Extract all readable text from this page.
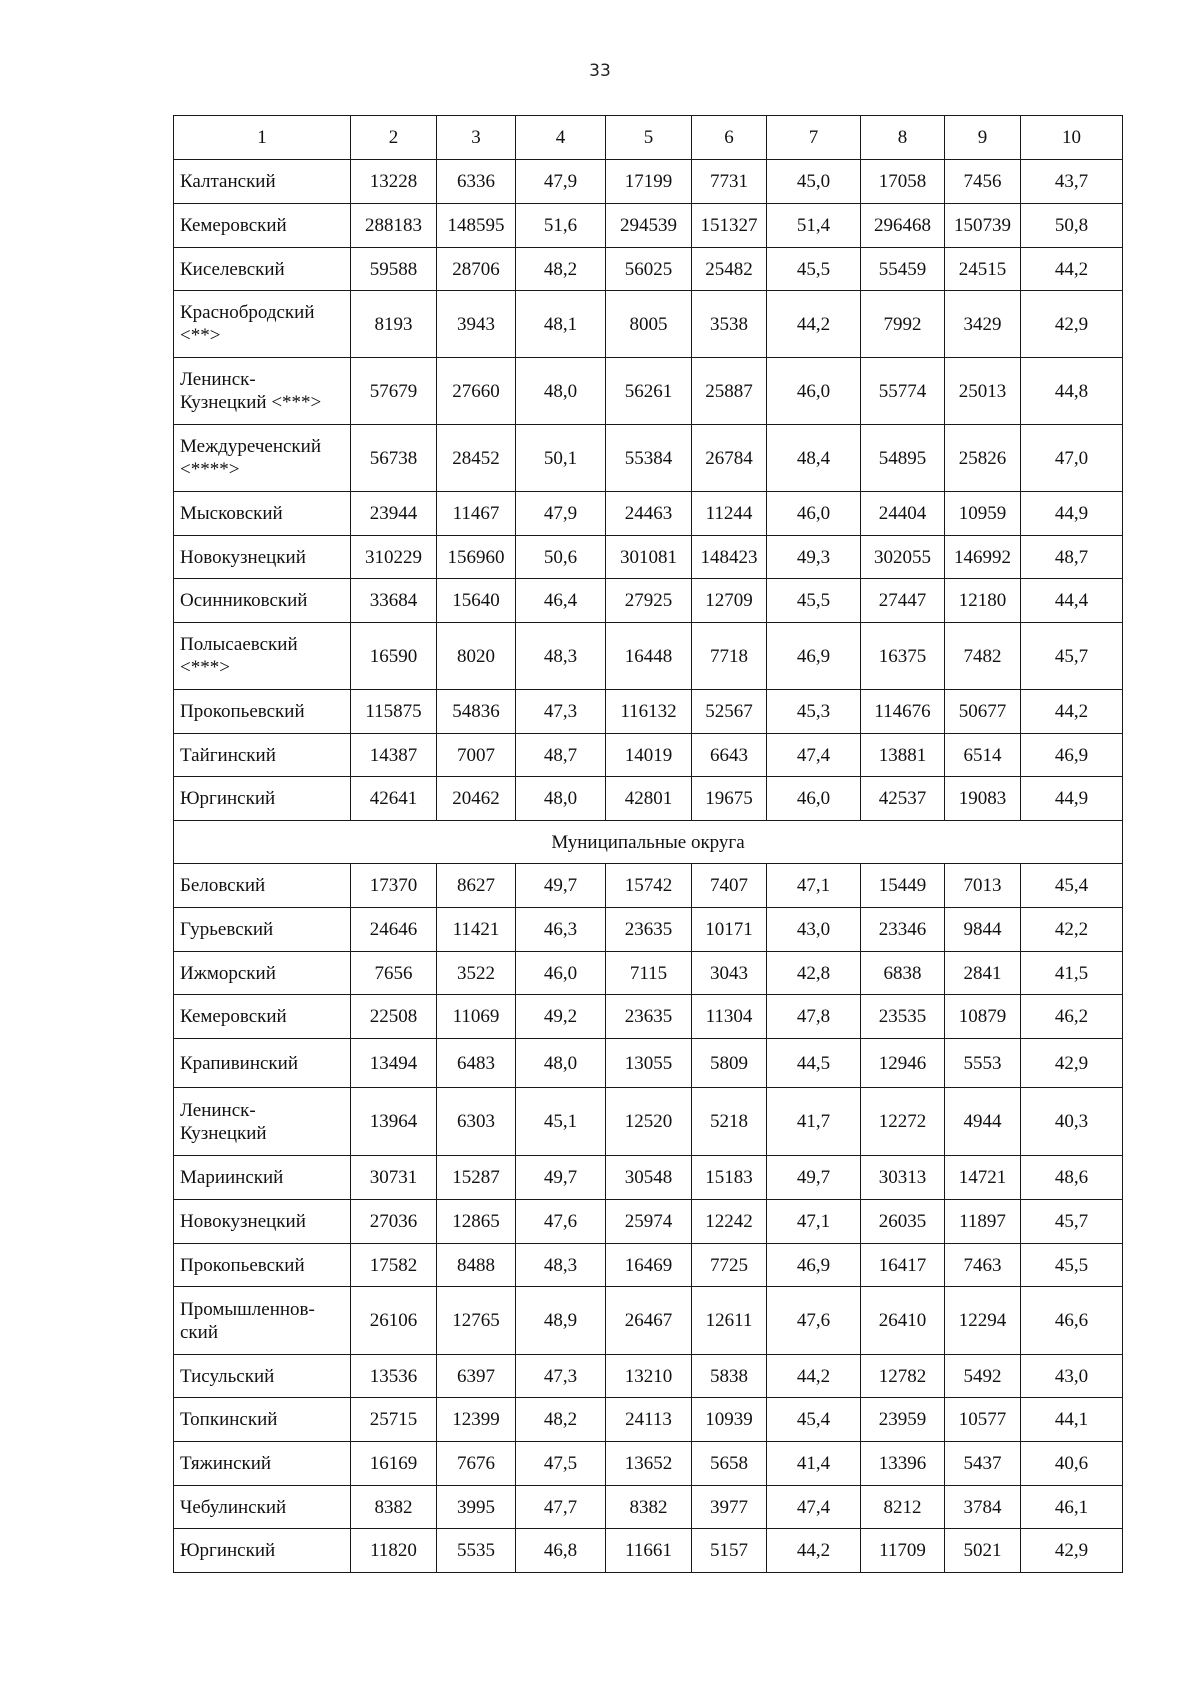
33
1	2	3	4	5	6	7	8	9	10

Калтанский	13228	6336	47,9	17199	7731	45,0	17058	7456	43,7

Кемеровский	288183	148595	51,6	294539	151327	51,4	296468	150739	50,8

Киселевский	59588	28706	48,2	56025	25482	45,5	55459	24515	44,2

Краснобродский
<**>	8193	3943	48,1	8005	3538	44,2	7992	3429	42,9

Ленинск-
Кузнецкий <***>	57679	27660	48,0	56261	25887	46,0	55774	25013	44,8

Междуреченский
<****>	56738	28452	50,1	55384	26784	48,4	54895	25826	47,0

Мысковский	23944	11467	47,9	24463	11244	46,0	24404	10959	44,9

Новокузнецкий	310229	156960	50,6	301081	148423	49,3	302055	146992	48,7

Осинниковский	33684	15640	46,4	27925	12709	45,5	27447	12180	44,4

Полысаевский
<***>	16590	8020	48,3	16448	7718	46,9	16375	7482	45,7

Прокопьевский	115875	54836	47,3	116132	52567	45,3	114676	50677	44,2

Тайгинский	14387	7007	48,7	14019	6643	47,4	13881	6514	46,9

Юргинский	42641	20462	48,0	42801	19675	46,0	42537	19083	44,9
Муниципальные округа									

Беловский	17370	8627	49,7	15742	7407	47,1	15449	7013	45,4

Гурьевский	24646	11421	46,3	23635	10171	43,0	23346	9844	42,2

Ижморский	7656	3522	46,0	7115	3043	42,8	6838	2841	41,5

Кемеровский	22508	11069	49,2	23635	11304	47,8	23535	10879	46,2

Крапивинский	13494	6483	48,0	13055	5809	44,5	12946	5553	42,9

Ленинск-
Кузнецкий	13964	6303	45,1	12520	5218	41,7	12272	4944	40,3

Мариинский	30731	15287	49,7	30548	15183	49,7	30313	14721	48,6

Новокузнецкий	27036	12865	47,6	25974	12242	47,1	26035	11897	45,7

Прокопьевский	17582	8488	48,3	16469	7725	46,9	16417	7463	45,5

Промышленнов-
ский	26106	12765	48,9	26467	12611	47,6	26410	12294	46,6

Тисульский	13536	6397	47,3	13210	5838	44,2	12782	5492	43,0

Топкинский	25715	12399	48,2	24113	10939	45,4	23959	10577	44,1

Тяжинский	16169	7676	47,5	13652	5658	41,4	13396	5437	40,6

Чебулинский	8382	3995	47,7	8382	3977	47,4	8212	3784	46,1

Юргинский	11820	5535	46,8	11661	5157	44,2	11709	5021	42,9
